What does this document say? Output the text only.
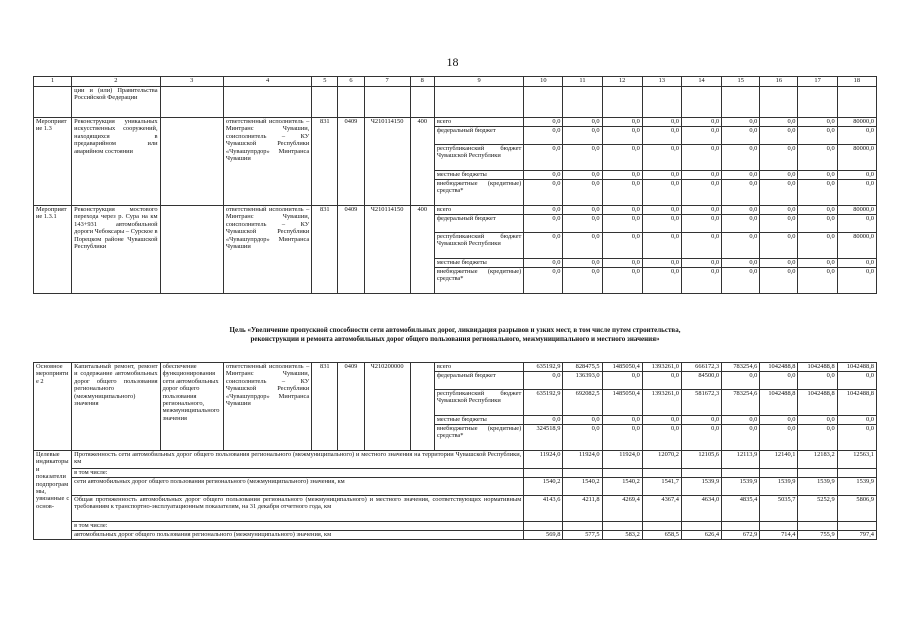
18
1	2	3	4	5	6	7	8	9	10	11	12	13	14	15	16	17	18
	ции и (или) Правительства Российской Федерации																
Мероприятие 1.3	Реконструкция уникальных искусственных сооружений, находящихся в предаварийном или аварийном состоянии		ответственный исполнитель – Минтранс Чувашии, соисполнитель – КУ Чувашской Республики «Чувашупрдор» Минтранса Чувашии	831	0409	Ч210114150	400	всего	0,0	0,0	0,0	0,0	0,0	0,0	0,0	0,0	80000,0
								федеральный бюджет	0,0	0,0	0,0	0,0	0,0	0,0	0,0	0,0	0,0
								республиканский бюджет Чувашской Республики	0,0	0,0	0,0	0,0	0,0	0,0	0,0	0,0	80000,0
								местные бюджеты	0,0	0,0	0,0	0,0	0,0	0,0	0,0	0,0	0,0
								внебюджетные (кредитные) средства*	0,0	0,0	0,0	0,0	0,0	0,0	0,0	0,0	0,0
Мероприятие 1.3.1	Реконструкция мостового перехода через р. Сура на км 143+931 автомобильной дороги Чебоксары – Сурское в Порецком районе Чувашской Республики		ответственный исполнитель – Минтранс Чувашии, соисполнитель – КУ Чувашской Республики «Чувашупрдор» Минтранса Чувашии	831	0409	Ч210114150	400	всего	0,0	0,0	0,0	0,0	0,0	0,0	0,0	0,0	80000,0
								федеральный бюджет	0,0	0,0	0,0	0,0	0,0	0,0	0,0	0,0	0,0
								республиканский бюджет Чувашской Республики	0,0	0,0	0,0	0,0	0,0	0,0	0,0	0,0	80000,0
								местные бюджеты	0,0	0,0	0,0	0,0	0,0	0,0	0,0	0,0	0,0
								внебюджетные (кредитные) средства*	0,0	0,0	0,0	0,0	0,0	0,0	0,0	0,0	0,0
Цель «Увеличение пропускной способности сети автомобильных дорог, ликвидация разрывов и узких мест, в том числе путем строительства,
реконструкции и ремонта автомобильных дорог общего пользования регионального, межмуниципального и местного значения»
Основное мероприятие 2	Капитальный ремонт, ремонт и содержание автомобильных дорог общего пользования регионального (межмуниципального) значения	обеспечение функционирования сети автомобильных дорог общего пользования регионального, межмуниципального значения	ответственный исполнитель – Минтранс Чувашии, соисполнитель – КУ Чувашской Республики «Чувашупрдор» Минтранса Чувашии	831	0409	Ч210200000		всего	635192,9	828475,5	1485050,4	1393261,0	666172,3	783254,6	1042488,8	1042488,8	1042488,8
								федеральный бюджет	0,0	136393,0	0,0	0,0	84500,0	0,0	0,0	0,0	0,0
								республиканский бюджет Чувашской Республики	635192,9	692082,5	1485050,4	1393261,0	581672,3	783254,6	1042488,8	1042488,8	1042488,8
								местные бюджеты	0,0	0,0	0,0	0,0	0,0	0,0	0,0	0,0	0,0
								внебюджетные (кредитные) средства*	324518,9	0,0	0,0	0,0	0,0	0,0	0,0	0,0	0,0
Целевые индикаторы и показатели подпрограммы, увязанные с основ-	Протяженность сети автомобильных дорог общего пользования регионального (межмуниципального) и местного значения на территории Чувашской Республики, км								11924,0	11924,0	11924,0	12070,2	12105,6	12113,9	12140,1	12183,2	12563,1
	в том числе:																
	сети автомобильных дорог общего пользования регионального (межмуниципального) значения, км								1540,2	1540,2	1540,2	1541,7	1539,9	1539,9	1539,9	1539,9	1539,9
	Общая протяженность автомобильных дорог общего пользования регионального (межмуниципального) и местного значения, соответствующих нормативным требованиям к транспортно-эксплуатационным показателям, на 31 декабря отчетного года, км								4143,6	4211,8	4269,4	4367,4	4634,0	4835,4	5035,7	5252,9	5806,9
	в том числе:																
	автомобильных дорог общего пользования регионального (межмуниципального) значения, км								569,8	577,5	583,2	658,5	626,4	672,9	714,4	755,9	797,4
